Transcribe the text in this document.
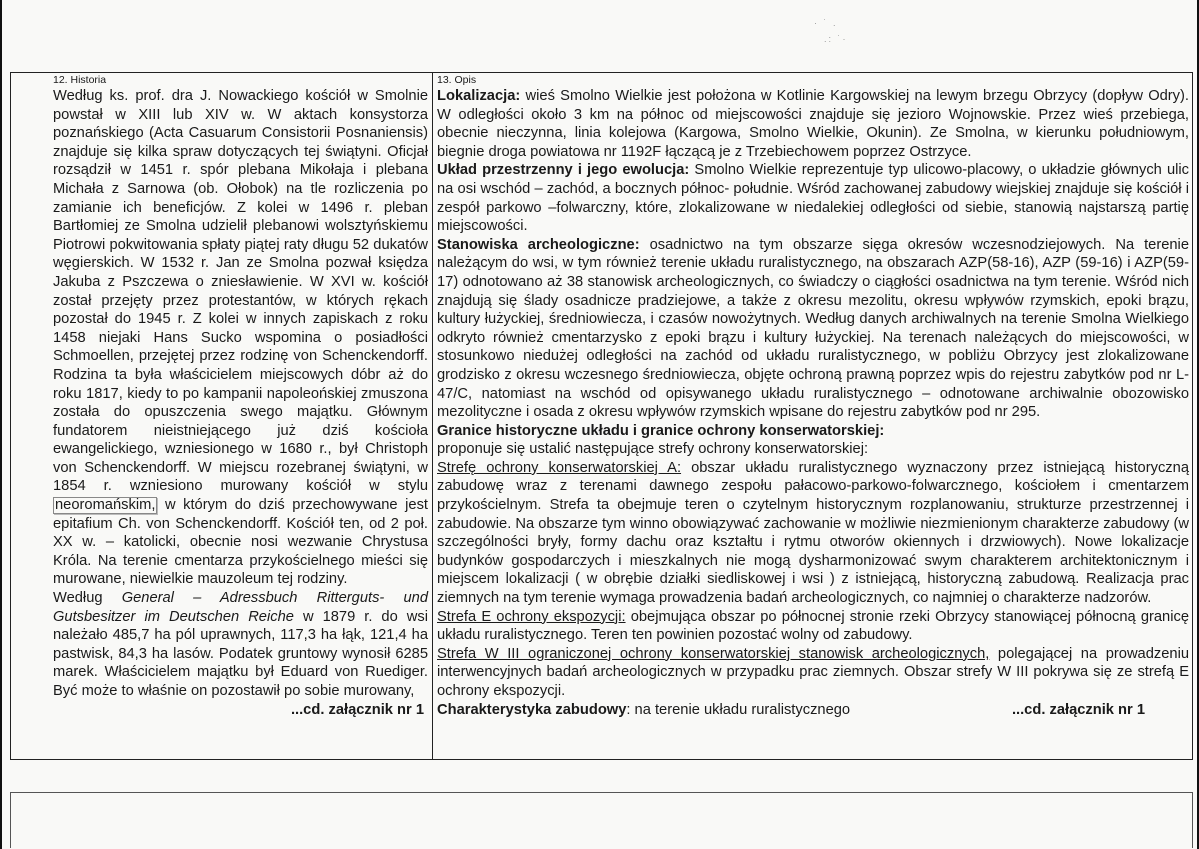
· ˙ .
.: ˙·
12. Historia
Według ks. prof. dra J. Nowackiego kościół w Smolnie powstał w XIII lub XIV w. W aktach konsystorza poznańskiego (Acta Casuarum Consistorii Posnaniensis) znajduje się kilka spraw dotyczących tej świątyni. Oficjał rozsądził w 1451 r. spór plebana Mikołaja i plebana Michała z Sarnowa (ob. Ołobok) na tle rozliczenia po zamianie ich beneficjów. Z kolei w 1496 r. pleban Bartłomiej ze Smolna udzielił plebanowi wolsztyńskiemu Piotrowi pokwitowania spłaty piątej raty długu 52 dukatów węgierskich. W 1532 r. Jan ze Smolna pozwał księdza Jakuba z Pszczewa o zniesławienie. W XVI w. kościół został przejęty przez protestantów, w których rękach pozostał do 1945 r. Z kolei w innych zapiskach z roku 1458 niejaki Hans Sucko wspomina o posiadłości Schmoellen, przejętej przez rodzinę von Schenckendorff. Rodzina ta była właścicielem miejscowych dóbr aż do roku 1817, kiedy to po kampanii napoleońskiej zmuszona została do opuszczenia swego majątku. Głównym fundatorem nieistniejącego już dziś kościoła ewangelickiego, wzniesionego w 1680 r., był Christoph von Schenckendorff. W miejscu rozebranej świątyni, w 1854 r. wzniesiono murowany kościół w stylu neoromańskim, w którym do dziś przechowywane jest epitafium Ch. von Schenckendorff. Kościół ten, od 2 poł. XX w. – katolicki, obecnie nosi wezwanie Chrystusa Króla. Na terenie cmentarza przykościelnego mieści się murowane, niewielkie mauzoleum tej rodziny.
Według General – Adressbuch Ritterguts- und Gutsbesitzer im Deutschen Reiche w 1879 r. do wsi należało 485,7 ha pól uprawnych, 117,3 ha łąk, 121,4 ha pastwisk, 84,3 ha lasów. Podatek gruntowy wynosił 6285 marek. Właścicielem majątku był Eduard von Ruediger. Być może to właśnie on pozostawił po sobie murowany,
...cd. załącznik nr 1
13. Opis
Lokalizacja: wieś Smolno Wielkie jest położona w Kotlinie Kargowskiej na lewym brzegu Obrzycy (dopływ Odry). W odległości około 3 km na północ od miejscowości znajduje się jezioro Wojnowskie. Przez wieś przebiega, obecnie nieczynna, linia kolejowa (Kargowa, Smolno Wielkie, Okunin). Ze Smolna, w kierunku południowym, biegnie droga powiatowa nr 1192F łączącą je z Trzebiechowem poprzez Ostrzyce.
Układ przestrzenny i jego ewolucja: Smolno Wielkie reprezentuje typ ulicowo-placowy, o układzie głównych ulic na osi wschód – zachód, a bocznych północ- południe. Wśród zachowanej zabudowy wiejskiej znajduje się kościół i zespół parkowo –folwarczny, które, zlokalizowane w niedalekiej odległości od siebie, stanowią najstarszą partię miejscowości.
Stanowiska archeologiczne: osadnictwo na tym obszarze sięga okresów wczesnodziejowych. Na terenie należącym do wsi, w tym również terenie układu ruralistycznego, na obszarach AZP(58-16), AZP (59-16) i AZP(59-17) odnotowano aż 38 stanowisk archeologicznych, co świadczy o ciągłości osadnictwa na tym terenie. Wśród nich znajdują się ślady osadnicze pradziejowe, a także z okresu mezolitu, okresu wpływów rzymskich, epoki brązu, kultury łużyckiej, średniowiecza, i czasów nowożytnych. Według danych archiwalnych na terenie Smolna Wielkiego odkryto również cmentarzysko z epoki brązu i kultury łużyckiej. Na terenach należących do miejscowości, w stosunkowo niedużej odległości na zachód od układu ruralistycznego, w pobliżu Obrzycy jest zlokalizowane grodzisko z okresu wczesnego średniowiecza, objęte ochroną prawną poprzez wpis do rejestru zabytków pod nr L-47/C, natomiast na wschód od opisywanego układu ruralistycznego – odnotowane archiwalnie obozowisko mezolityczne i osada z okresu wpływów rzymskich wpisane do rejestru zabytków pod nr 295.
Granice historyczne układu i granice ochrony konserwatorskiej:
proponuje się ustalić następujące strefy ochrony konserwatorskiej:
Strefę ochrony konserwatorskiej A: obszar układu ruralistycznego wyznaczony przez istniejącą historyczną zabudowę wraz z terenami dawnego zespołu pałacowo-parkowo-folwarcznego, kościołem i cmentarzem przykościelnym. Strefa ta obejmuje teren o czytelnym historycznym rozplanowaniu, strukturze przestrzennej i zabudowie. Na obszarze tym winno obowiązywać zachowanie w możliwie niezmienionym charakterze zabudowy (w szczególności bryły, formy dachu oraz kształtu i rytmu otworów okiennych i drzwiowych). Nowe lokalizacje budynków gospodarczych i mieszkalnych nie mogą dysharmonizować swym charakterem architektonicznym i miejscem lokalizacji ( w obrębie działki siedliskowej i wsi ) z istniejącą, historyczną zabudową. Realizacja prac ziemnych na tym terenie wymaga prowadzenia badań archeologicznych, co najmniej o charakterze nadzorów.
Strefa E ochrony ekspozycji: obejmująca obszar po północnej stronie rzeki Obrzycy stanowiącej północną granicę układu ruralistycznego. Teren ten powinien pozostać wolny od zabudowy.
Strefa W III ograniczonej ochrony konserwatorskiej stanowisk archeologicznych, polegającej na prowadzeniu interwencyjnych badań archeologicznych w przypadku prac ziemnych. Obszar strefy W III pokrywa się ze strefą E ochrony ekspozycji.
Charakterystyka zabudowy: na terenie układu ruralistycznego	...cd. załącznik nr 1
